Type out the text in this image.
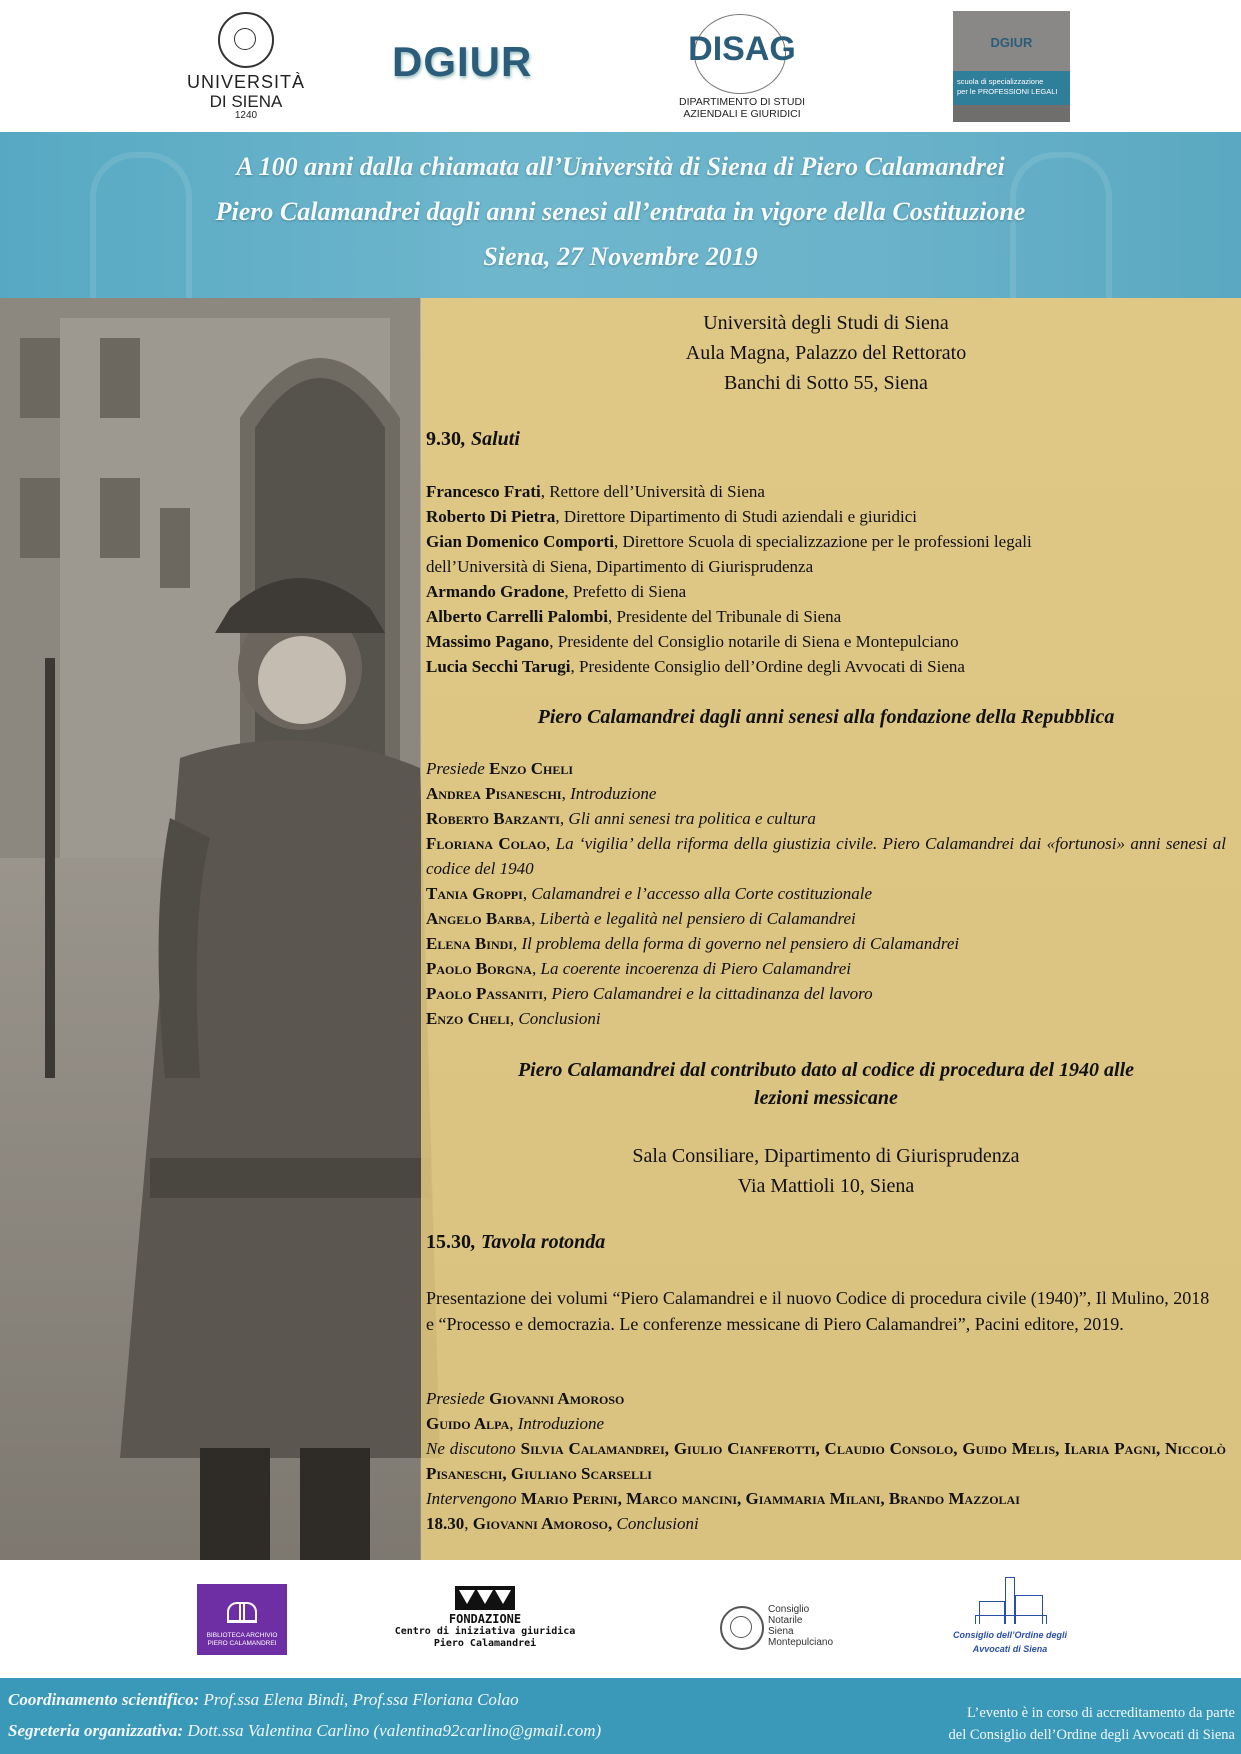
UNIVERSITÀ
DI SIENA
1240
DGIUR	DISAG
DIPARTIMENTO DI STUDI
AZIENDALI E GIURIDICI
DGIUR
scuola di specializzazione
per le PROFESSIONI LEGALI
A 100 anni dalla chiamata all’Università di Siena di Piero Calamandrei
Piero Calamandrei dagli anni senesi all’entrata in vigore della Costituzione
Siena, 27 Novembre 2019
Università degli Studi di Siena
Aula Magna, Palazzo del Rettorato
Banchi di Sotto 55, Siena
9.30, Saluti
Francesco Frati, Rettore dell’Università di Siena
Roberto Di Pietra, Direttore Dipartimento di Studi aziendali e giuridici
Gian Domenico Comporti, Direttore Scuola di specializzazione per le professioni legali
dell’Università di Siena, Dipartimento di Giurisprudenza
Armando Gradone, Prefetto di Siena
Alberto Carrelli Palombi, Presidente del Tribunale di Siena
Massimo Pagano, Presidente del Consiglio notarile di Siena e Montepulciano
Lucia Secchi Tarugi, Presidente Consiglio dell’Ordine degli Avvocati di Siena
Piero Calamandrei dagli anni senesi alla fondazione della Repubblica
Presiede Enzo Cheli
Andrea Pisaneschi, Introduzione
Roberto Barzanti, Gli anni senesi tra politica e cultura
Floriana Colao, La ‘vigilia’ della riforma della giustizia civile. Piero Calamandrei dai «fortunosi» anni senesi al codice del 1940
Tania Groppi, Calamandrei e l’accesso alla Corte costituzionale
Angelo Barba, Libertà e legalità nel pensiero di Calamandrei
Elena Bindi, Il problema della forma di governo nel pensiero di Calamandrei
Paolo Borgna, La coerente incoerenza di Piero Calamandrei
Paolo Passaniti, Piero Calamandrei e la cittadinanza del lavoro
Enzo Cheli, Conclusioni
Piero Calamandrei dal contributo dato al codice di procedura del 1940 alle
lezioni messicane
Sala Consiliare, Dipartimento di Giurisprudenza
Via Mattioli 10, Siena
15.30, Tavola rotonda
Presentazione dei volumi “Piero Calamandrei e il nuovo Codice di procedura civile (1940)”, Il Mulino, 2018 e “Processo e democrazia. Le conferenze messicane di Piero Calamandrei”, Pacini editore, 2019.
Presiede Giovanni Amoroso
Guido Alpa, Introduzione
Ne discutono Silvia Calamandrei, Giulio Cianferotti, Claudio Consolo, Guido Melis, Ilaria Pagni, Niccolò Pisaneschi, Giuliano Scarselli
Intervengono Mario Perini, Marco mancini, Giammaria Milani, Brando Mazzolai
18.30, Giovanni Amoroso, Conclusioni
BIBLIOTECA ARCHIVIO
PIERO CALAMANDREI
FONDAZIONE
Centro di iniziativa giuridica
Piero Calamandrei
Consiglio
Notarile
Siena
Montepulciano
Consiglio dell’Ordine degli
Avvocati di Siena
Coordinamento scientifico: Prof.ssa Elena Bindi, Prof.ssa Floriana Colao
Segreteria organizzativa: Dott.ssa Valentina Carlino (valentina92carlino@gmail.com)
L’evento è in corso di accreditamento da parte
del Consiglio dell’Ordine degli Avvocati di Siena
